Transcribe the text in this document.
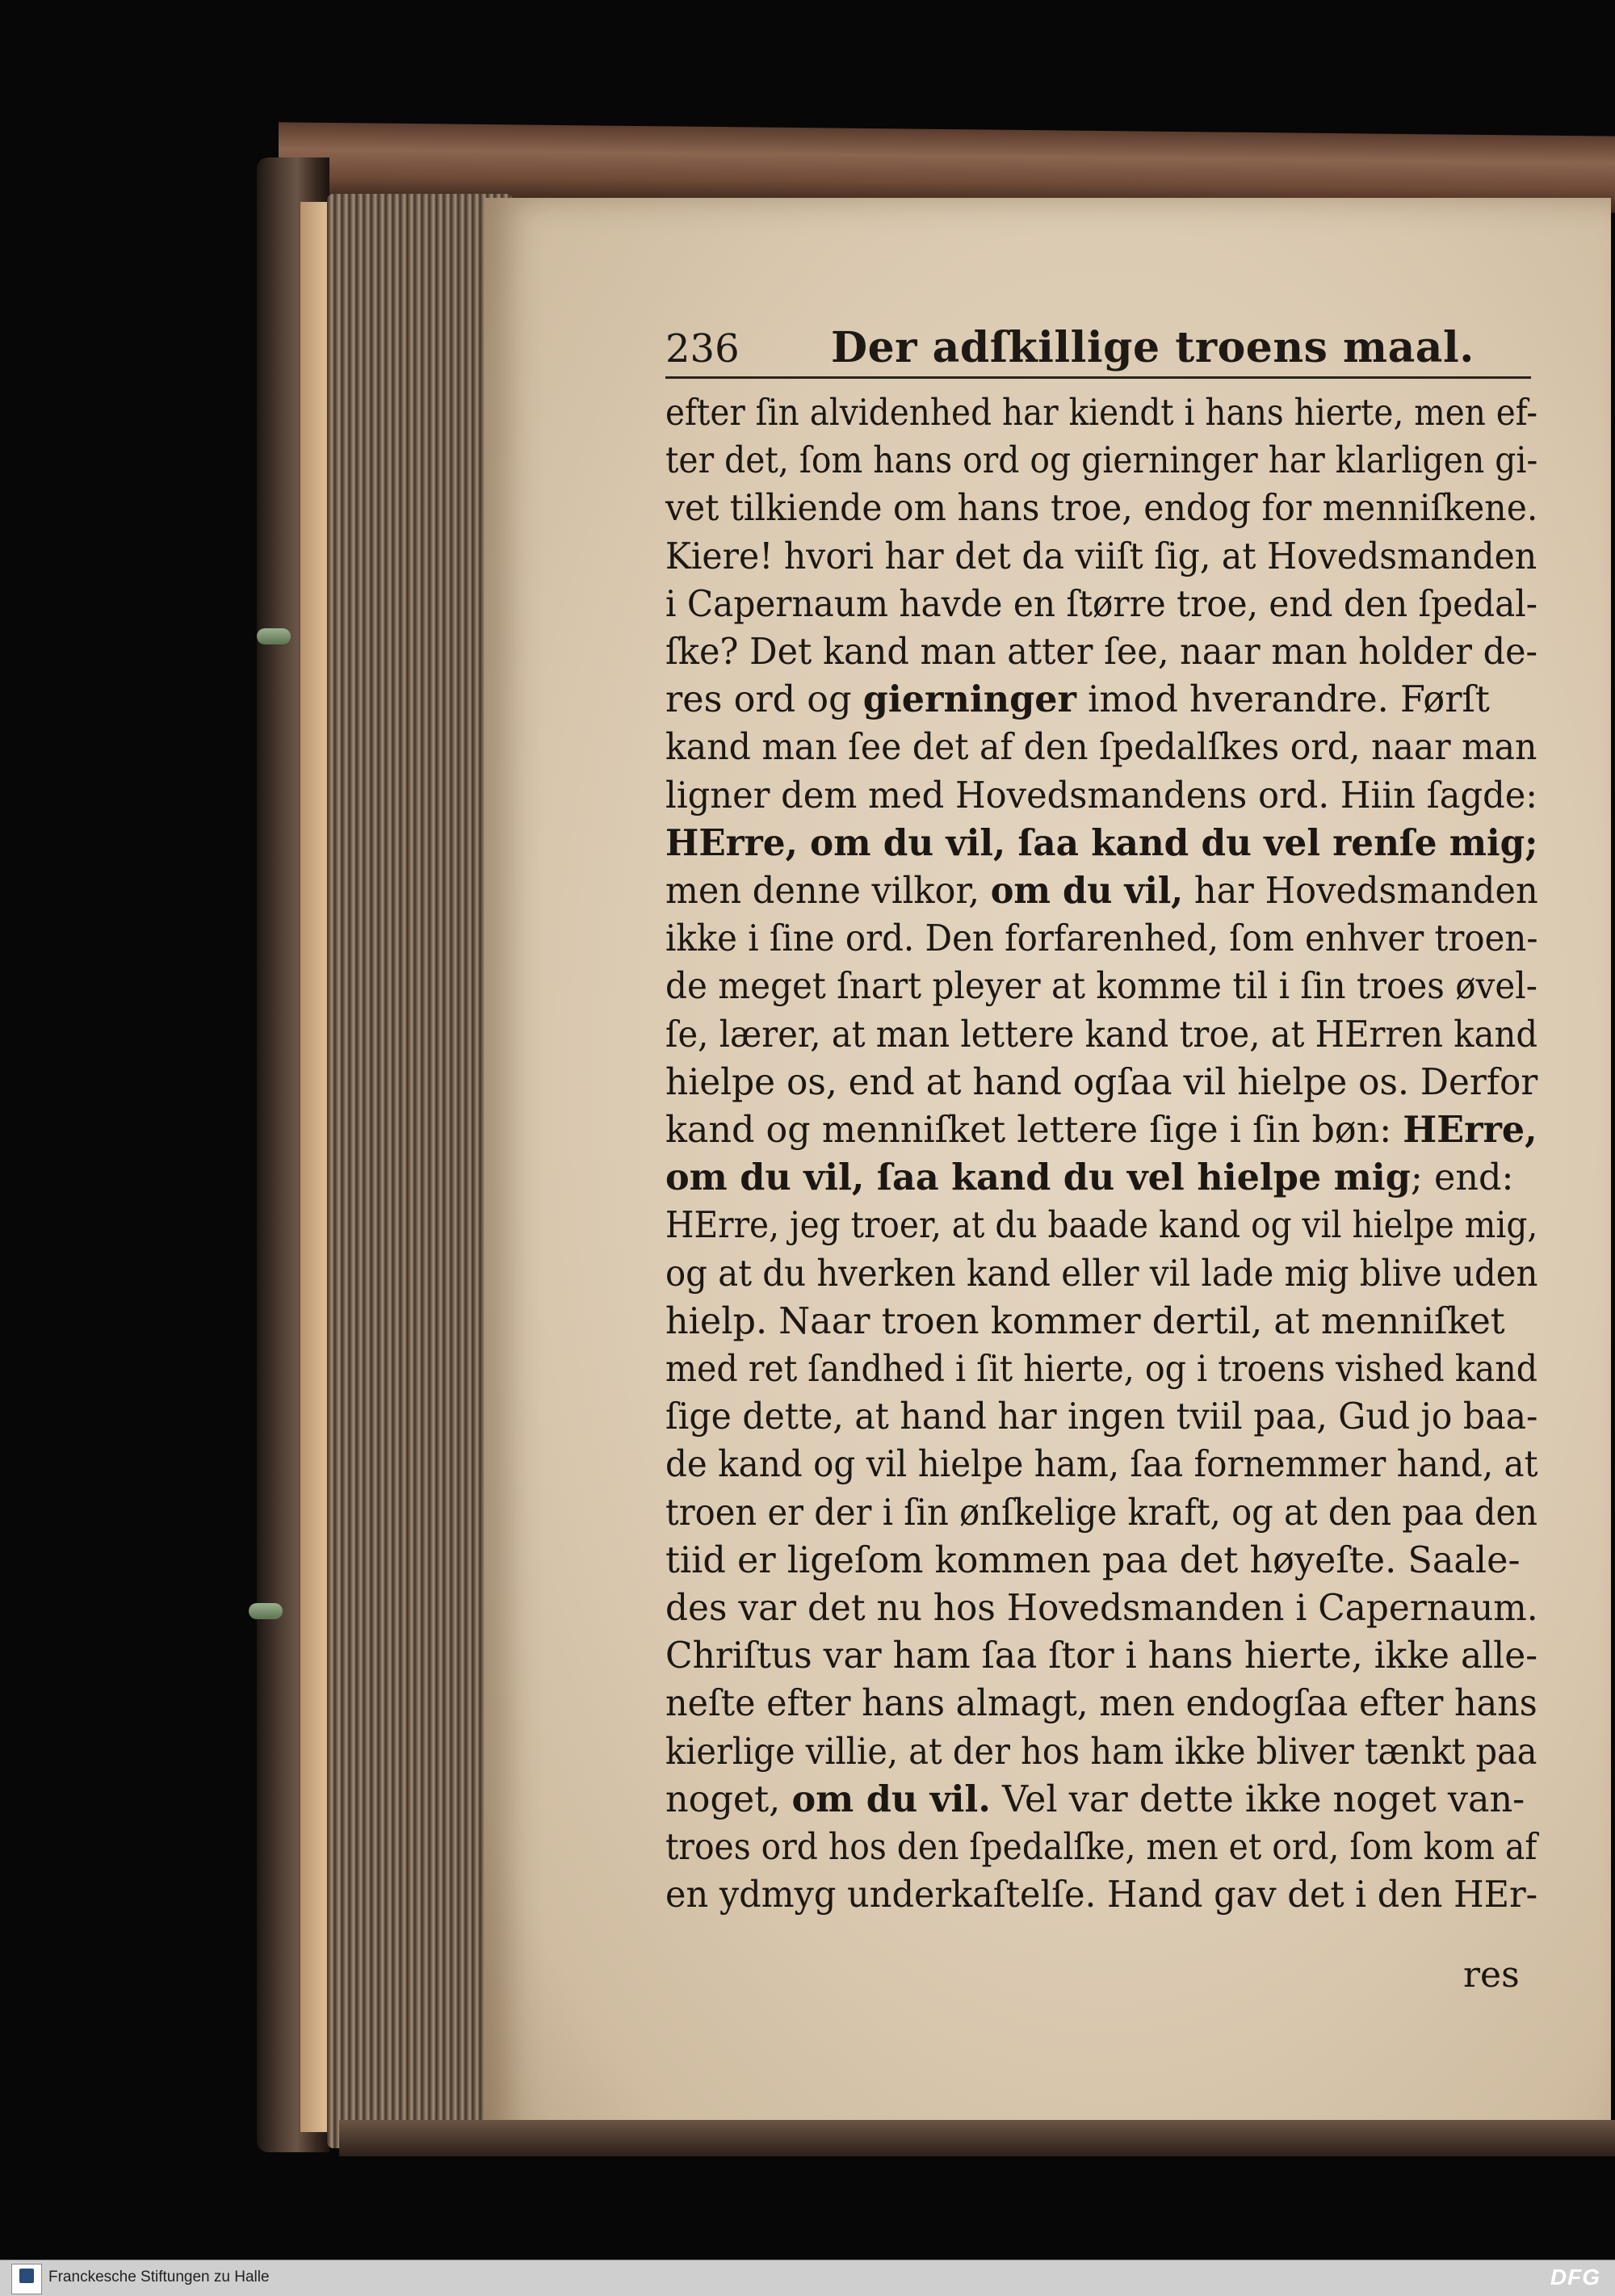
236 Der adſkillige troens maal.
efter ſin alvidenhed har kiendt i hans hierte, men ef-
ter det, ſom hans ord og gierninger har klarligen gi-
vet tilkiende om hans troe, endog for menniſkene.
Kiere! hvori har det da viiſt ſig, at Hovedsmanden
i Capernaum havde en ſtørre troe, end den ſpedal-
ſke? Det kand man atter ſee, naar man holder de-
res ord og gierninger imod hverandre. Førſt
kand man ſee det af den ſpedalſkes ord, naar man
ligner dem med Hovedsmandens ord. Hiin ſagde:
HErre, om du vil, ſaa kand du vel renſe mig;
men denne vilkor, om du vil, har Hovedsmanden
ikke i ſine ord. Den forfarenhed, ſom enhver troen-
de meget ſnart pleyer at komme til i ſin troes øvel-
ſe, lærer, at man lettere kand troe, at HErren kand
hielpe os, end at hand ogſaa vil hielpe os. Derfor
kand og menniſket lettere ſige i ſin bøn: HErre,
om du vil, ſaa kand du vel hielpe mig; end:
HErre, jeg troer, at du baade kand og vil hielpe mig,
og at du hverken kand eller vil lade mig blive uden
hielp. Naar troen kommer dertil, at menniſket
med ret ſandhed i ſit hierte, og i troens vished kand
ſige dette, at hand har ingen tviil paa, Gud jo baa-
de kand og vil hielpe ham, ſaa fornemmer hand, at
troen er der i ſin ønſkelige kraft, og at den paa den
tiid er ligeſom kommen paa det høyeſte. Saale-
des var det nu hos Hovedsmanden i Capernaum.
Chriſtus var ham ſaa ſtor i hans hierte, ikke alle-
neſte efter hans almagt, men endogſaa efter hans
kierlige villie, at der hos ham ikke bliver tænkt paa
noget, om du vil. Vel var dette ikke noget van-
troes ord hos den ſpedalſke, men et ord, ſom kom af
en ydmyg underkaſtelſe. Hand gav det i den HEr-
res
Franckesche Stiftungen zu Halle	DFG
